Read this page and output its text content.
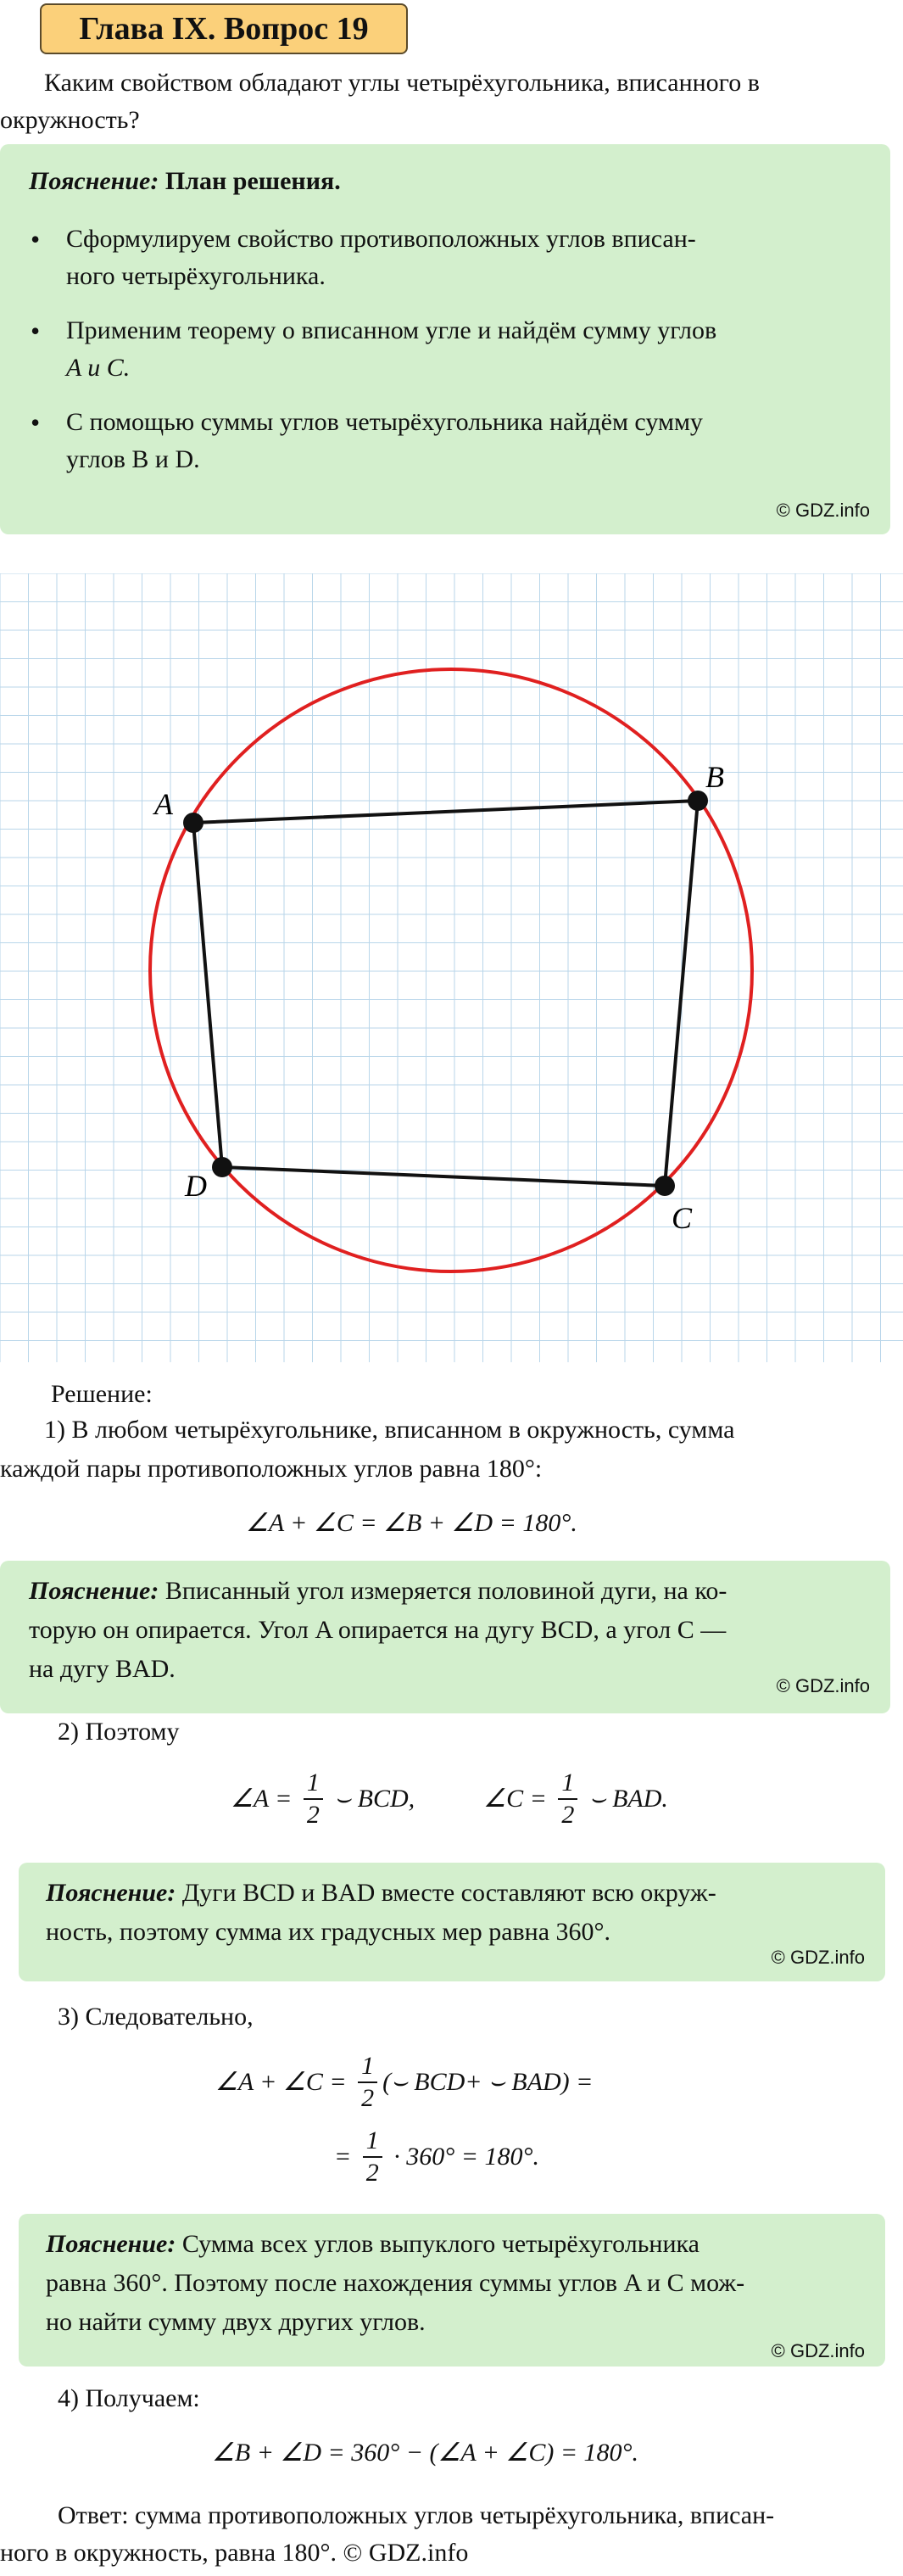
Глава IX. Вопрос 19
Каким свойством обладают углы четырёхугольника, вписанного в окружность?
Пояснение: План решения.
• Сформулируем свойство противоположных углов вписан-
ного четырёхугольника.
• Применим теорему о вписанном угле и найдём сумму углов
A и C.
• С помощью суммы углов четырёхугольника найдём сумму
углов B и D.
© GDZ.info
A
B
C
D
Решение:
1) В любом четырёхугольнике, вписанном в окружность, сумма
каждой пары противоположных углов равна 180°:
∠A + ∠C = ∠B + ∠D = 180°.
Пояснение: Вписанный угол измеряется половиной дуги, на ко-
торую он опирается. Угол A опирается на дугу BCD, а угол C —
на дугу BAD.
© GDZ.info
2) Поэтому
∠A = $\frac{1}{2}$ ⌣ BCD,	∠C = $\frac{1}{2}$ ⌣ BAD.
Пояснение: Дуги BCD и BAD вместе составляют всю окруж-
ность, поэтому сумма их градусных мер равна 360°.
© GDZ.info
3) Следовательно,
∠A + ∠C = $\frac{1}{2}$ (⌣ BCD+ ⌣ BAD) =
= $\frac{1}{2} \cdot 360^\circ = 180^\circ$.
Пояснение: Сумма всех углов выпуклого четырёхугольника
равна 360°. Поэтому после нахождения суммы углов A и C мож-
но найти сумму двух других углов.
© GDZ.info
4) Получаем:
∠B + ∠D = 360° − (∠A + ∠C) = 180°.
Ответ: сумма противоположных углов четырёхугольника, вписан-
ного в окружность, равна 180°. © GDZ.info
